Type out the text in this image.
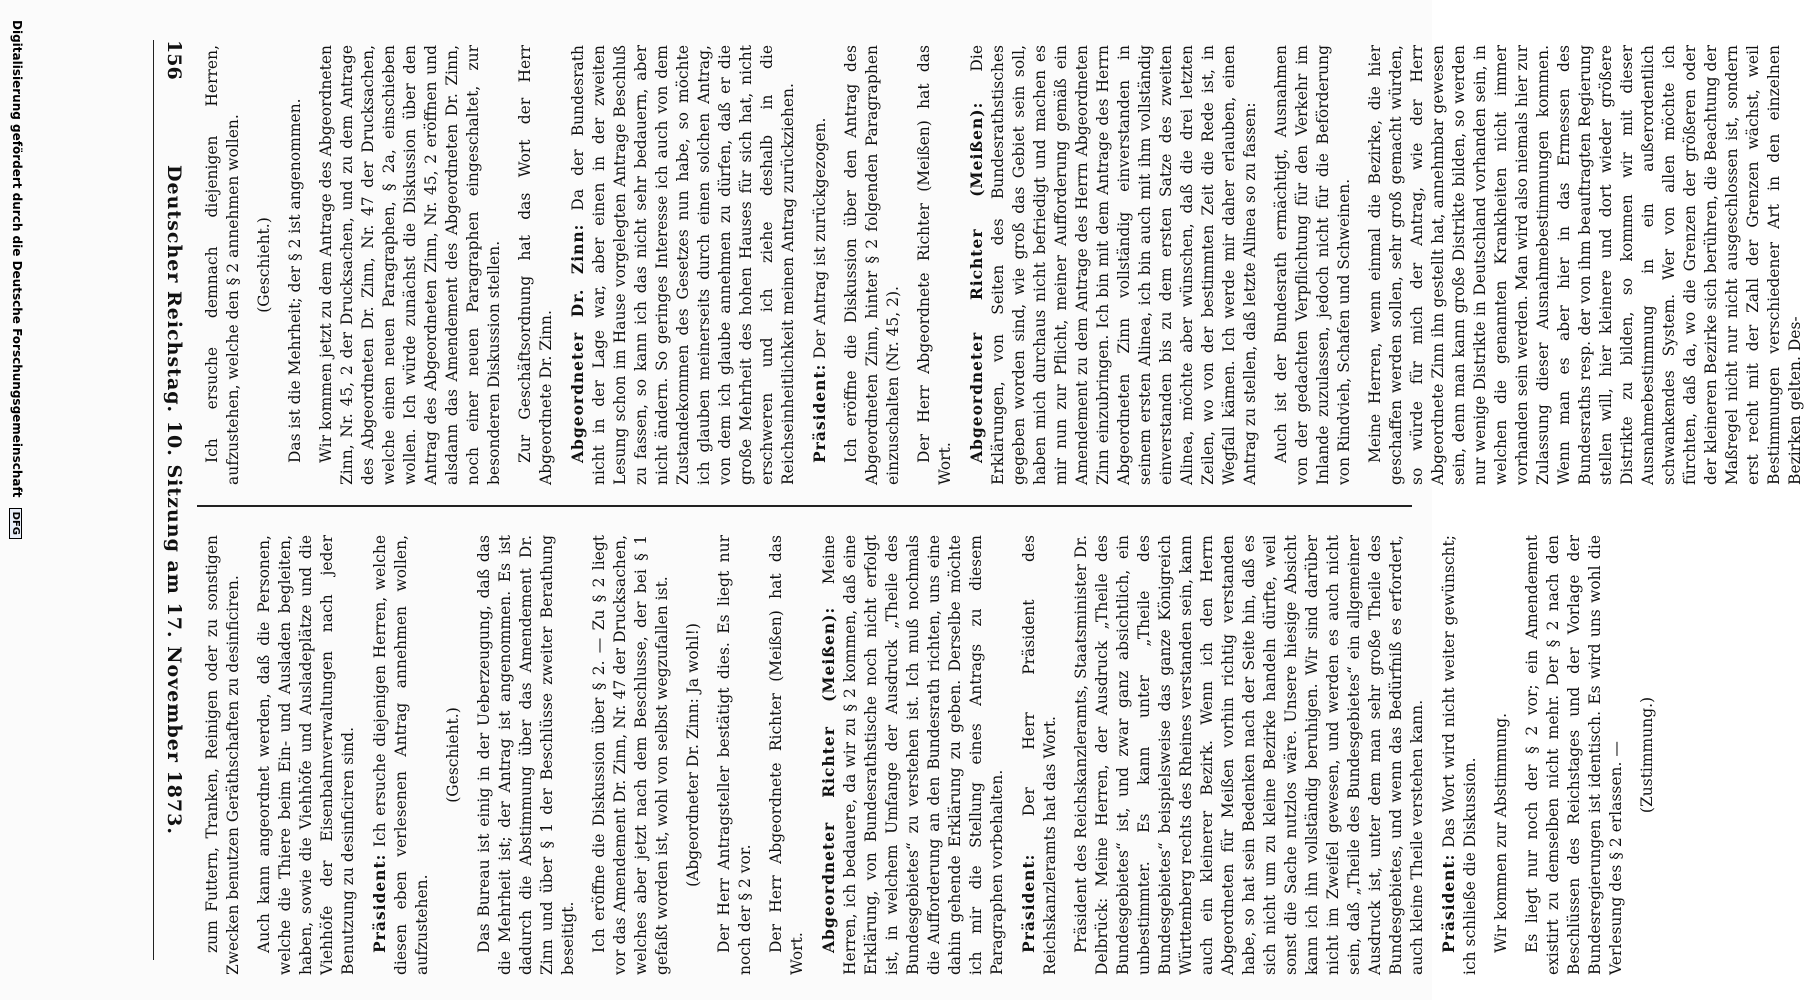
156
Deutscher Reichstag. 10. Sitzung am 17. November 1873. zum Futtern, Tranken, Reinigen oder zu sonstigen Zwecken benutzen Geräthschaften zu desinficiren. Auch kann angeordnet werden, daß die Personen, welche die Thiere beim Ein- und Ausladen begleiten, haben, sowie die Viehhöfe und Ausladeplätze und die Viehhöfe der Eisenbahnverwaltungen nach jeder Benutzung zu desinficiren sind. Präsident: Ich ersuche diejenigen Herren, welche diesen eben verlesenen Antrag annehmen wollen, aufzustehen.

(Geschieht.) Das Bureau ist einig in der Ueberzeugung, daß das die Mehrheit ist; der Antrag ist angenommen. Es ist dadurch die Abstimmung über das Amendement Dr. Zinn und über § 1 der Beschlüsse zweiter Berathung beseitigt. Ich eröffne die Diskussion über § 2. — Zu § 2 liegt vor das Amendement Dr. Zinn, Nr. 47 der Drucksachen, welches aber jetzt nach dem Beschlusse, der bei § 1 gefaßt worden ist, wohl von selbst wegzufallen ist. (Abgeordneter Dr. Zinn: Ja wohl!) Der Herr Antragsteller bestätigt dies. Es liegt nur noch der § 2 vor. Der Herr Abgeordnete Richter (Meißen) hat das Wort.

Abgeordneter Richter (Meißen): Meine Herren, ich bedauere, da wir zu § 2 kommen, daß eine Erklärung, von Bundesrathstische noch nicht erfolgt ist, in welchem Umfange der Ausdruck „Theile des Bundesgebietes“ zu verstehen ist. Ich muß nochmals die Aufforderung an den Bundesrath richten, uns eine dahin gehende Erklärung zu geben. Derselbe möchte ich mir die Stellung eines Antrags zu diesem Paragraphen vorbehalten. Präsident: Der Herr Präsident des Reichskanzleramts hat das Wort. Präsident des Reichskanzleramts, Staatsminister Dr. Delbrück: Meine Herren, der Ausdruck „Theile des Bundesgebietes“ ist, und zwar ganz absichtlich, ein unbestimmter. Es kann unter „Theile des Bundesgebietes“ beispielsweise das ganze Königreich Württemberg rechts des Rheines verstanden sein, kann auch ein kleinerer Bezirk. Wenn ich den Herrn Abgeordneten für Meißen vorhin richtig verstanden habe, so hat sein Bedenken nach der Seite hin, daß es sich nicht um zu kleine Bezirke handeln dürfte, weil sonst die Sache nutzlos wäre. Unsere hiesige Absicht kann ich ihn vollständig beruhigen. Wir sind darüber nicht im Zweifel gewesen, und werden es auch nicht sein, daß „Theile des Bundesgebietes“ ein allgemeiner Ausdruck ist, unter dem man sehr große Theile des Bundesgebietes, und wenn das Bedürfniß es erfordert, auch kleine Theile verstehen kann. Präsident: Das Wort wird nicht weiter gewünscht; ich schließe die Diskussion. Wir kommen zur Abstimmung. Es liegt nur noch der § 2 vor; ein Amendement existirt zu demselben nicht mehr. Der § 2 nach den Beschlüssen des Reichstages und der Vorlage der Bundesregierungen ist identisch. Es wird uns wohl die Verlesung des § 2 erlassen. — (Zustimmung.)

Ich ersuche demnach diejenigen Herren, aufzustehen, welche den § 2 annehmen wollen. (Geschieht.) Das ist die Mehrheit; der § 2 ist angenommen. Wir kommen jetzt zu dem Antrage des Abgeordneten Zinn, Nr. 45, 2 der Drucksachen, und zu dem Antrage des Abgeordneten Dr. Zinn, Nr. 47 der Drucksachen, welche einen neuen Paragraphen, § 2a, einschieben wollen. Ich würde zunächst die Diskussion über den Antrag des Abgeordneten Zinn, Nr. 45, 2 eröffnen und alsdann das Amendement des Abgeordneten Dr. Zinn, noch einer neuen Paragraphen eingeschaltet, zur besonderen Diskussion stellen. Zur Geschäftsordnung hat das Wort der Herr Abgeordnete Dr. Zinn. Abgeordneter Dr. Zinn: Da der Bundesrath nicht in der Lage war, aber einen in der zweiten Lesung schon im Hause vorgelegten Antrage Beschluß zu fassen, so kann ich das nicht sehr bedauern, aber nicht ändern. So geringes Interesse ich auch von dem Zustandekommen des Gesetzes nun habe, so möchte ich glauben meinerseits durch einen solchen Antrag, von dem ich glaube annehmen zu dürfen, daß er die große Mehrheit des hohen Hauses für sich hat, nicht erschweren und ich ziehe deshalb in die Reichseinheitlichkeit meinen Antrag zurückziehen. Präsident: Der Antrag ist zurückgezogen. Ich eröffne die Diskussion über den Antrag des Abgeordneten Zinn, hinter § 2 folgenden Paragraphen einzuschalten (Nr. 45, 2). Der Herr Abgeordnete Richter (Meißen) hat das Wort.

Abgeordneter Richter (Meißen): Die Erklärungen, von Seiten des Bundesrathstisches gegeben worden sind, wie groß das Gebiet sein soll, haben mich durchaus nicht befriedigt und machen es mir nun zur Pflicht, meiner Aufforderung gemäß ein Amendement zu dem Antrage des Herrn Abgeordneten Zinn einzubringen. Ich bin mit dem Antrage des Herrn Abgeordneten Zinn vollständig einverstanden in seinem ersten Alinea, ich bin auch mit ihm vollständig einverstanden bis zu dem ersten Satze des zweiten Alinea, möchte aber wünschen, daß die drei letzten Zeilen, wo von der bestimmten Zeit die Rede ist, in Wegfall kämen. Ich werde mir daher erlauben, einen Antrag zu stellen, daß letzte Alinea so zu fassen: Auch ist der Bundesrath ermächtigt, Ausnahmen von der gedachten Verpflichtung für den Verkehr im Inlande zuzulassen, jedoch nicht für die Beförderung von Rindvieh, Schafen und Schweinen. Meine Herren, wenn einmal die Bezirke, die hier geschaffen werden sollen, sehr groß gemacht würden, so würde für mich der Antrag, wie der Herr Abgeordnete Zinn ihn gestellt hat, annehmbar gewesen sein, denn man kann große Distrikte bilden, so werden nur wenige Distrikte in Deutschland vorhanden sein, in welchen die genannten Krankheiten nicht immer vorhanden sein werden. Man wird also niemals hier zur Zulassung dieser Ausnahmebestimmungen kommen. Wenn man es aber hier in das Ermessen des Bundesraths resp. der von ihm beauftragten Regierung stellen will, hier kleinere und dort wieder größere Distrikte zu bilden, so kommen wir mit dieser Ausnahmebestimmung in ein außerordentlich schwankendes System. Wer von allen möchte ich fürchten, daß da, wo die Grenzen der größeren oder der kleineren Bezirke sich berühren, die Beachtung der Maßregel nicht nur nicht ausgeschlossen ist, sondern erst recht mit der Zahl der Grenzen wächst, weil Bestimmungen verschiedener Art in den einzelnen Bezirken gelten. Des-

Digitalisierung gefördert durch die Deutsche Forschungsgemeinschaft DFG
